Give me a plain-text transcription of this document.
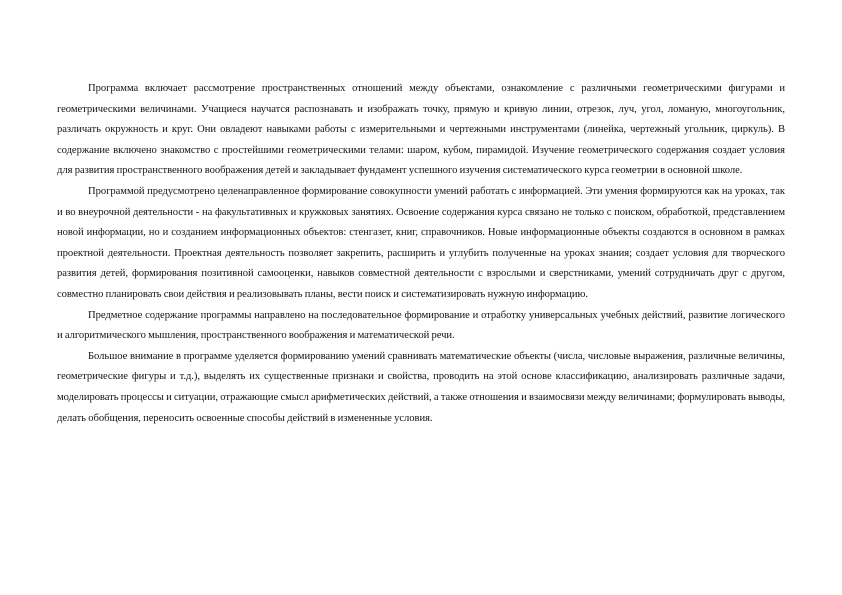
Программа включает рассмотрение пространственных отношений между объектами, ознакомление с различными геометрическими фигурами и геометрическими величинами. Учащиеся научатся распознавать и изображать точку, прямую и кривую линии, отрезок, луч, угол, ломаную, многоугольник, различать окружность и круг. Они овладеют навыками работы с измерительными и чертежными инструментами (линейка, чертежный угольник, циркуль). В содержание включено знакомство с простейшими геометрическими телами: шаром, кубом, пирамидой. Изучение геометрического содержания создает условия для развития пространственного воображения детей и закладывает фундамент успешного изучения систематического курса геометрии в основной школе.

Программой предусмотрено целенаправленное формирование совокупности умений работать с информацией. Эти умения формируются как на уроках, так и во внеурочной деятельности - на факультативных и кружковых занятиях. Освоение содержания курса связано не только с поиском, обработкой, представлением новой информации, но и созданием информационных объектов: стенгазет, книг, справочников. Новые информационные объекты создаются в основном в рамках проектной деятельности. Проектная деятельность позволяет закрепить, расширить и углубить полученные на уроках знания; создает условия для творческого развития детей, формирования позитивной самооценки, навыков совместной деятельности с взрослыми и сверстниками, умений сотрудничать друг с другом, совместно планировать свои действия и реализовывать планы, вести поиск и систематизировать нужную информацию.

Предметное содержание программы направлено на последовательное формирование и отработку универсальных учебных действий, развитие логического и алгоритмического мышления, пространственного воображения и математической речи.

Большое внимание в программе уделяется формированию умений сравнивать математические объекты (числа, числовые выражения, различные величины, геометрические фигуры и т.д.), выделять их существенные признаки и свойства, проводить на этой основе классификацию, анализировать различные задачи, моделировать процессы и ситуации, отражающие смысл арифметических действий, а также отношения и взаимосвязи между величинами; формулировать выводы, делать обобщения, переносить освоенные способы действий в измененные условия.
